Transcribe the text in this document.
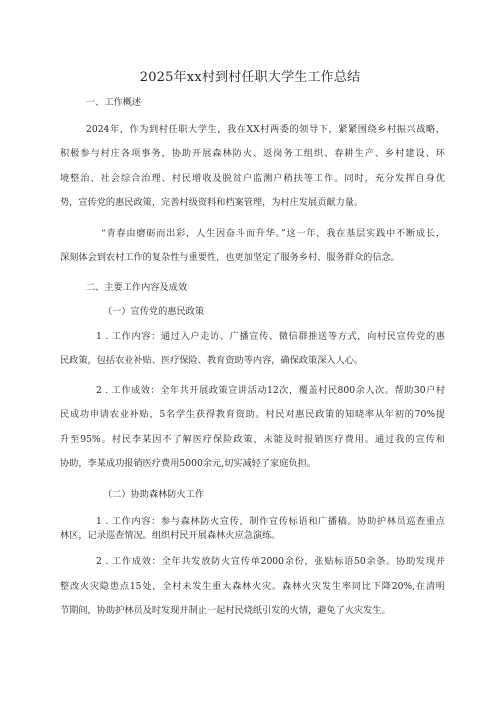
2025年xx村到村任职大学生工作总结
一、工作概述
2024年，作为到村任职大学生，我在XX村两委的领导下，紧紧围绕乡村振兴战略，
积极参与村庄各项事务，协助开展森林防火、返岗务工组织、春耕生产、乡村建设、环
境整治、社会综合治理、村民增收及脱贫户监测户稍扶等工作。同时，充分发挥自身优
势，宣传党的惠民政策，完善村级资料和档案管理，为村庄发展贡献力量。
“青春由磨砺而出彩，人生因奋斗而升华。”这一年，我在基层实践中不断成长，
深刻体会到农村工作的复杂性与重要性，也更加坚定了服务乡村、服务群众的信念。
二、主要工作内容及成效
（一）宣传党的惠民政策
1 . 工作内容：通过入户走访、广播宣传、微信群推送等方式，向村民宣传党的惠
民政策，包括农业补贴、医疗保险、教育资助等内容，确保政策深入人心。
2 . 工作成效：全年共开展政策宣讲活动12次，覆盖村民800余人次。帮助30户村
民成功申请农业补贴，5名学生获得教育资助。村民对惠民政策的知晓率从年初的70%提
升至95%。村民李某因不了解医疗保险政策，未能及时报销医疗费用。通过我的宣传和
协助，李某成功报销医疗费用5000余元,切实减轻了家庭负担。
（二）协助森林防火工作
1 . 工作内容：参与森林防火宣传，制作宣传标语和广播稿。协助护林员巡查重点
林区，记录巡查情况。组织村民开展森林火应急演练。
2 . 工作成效：全年共发放防火宣传单2000余份，张贴标语50余条。协助发现并
整改火灾隐患点15处，全村未发生重大森林火灾。森林火灾发生率同比下降20%,在清明
节期间，协助护林员及时发现并制止一起村民烧纸引发的火情，避免了火灾发生。
